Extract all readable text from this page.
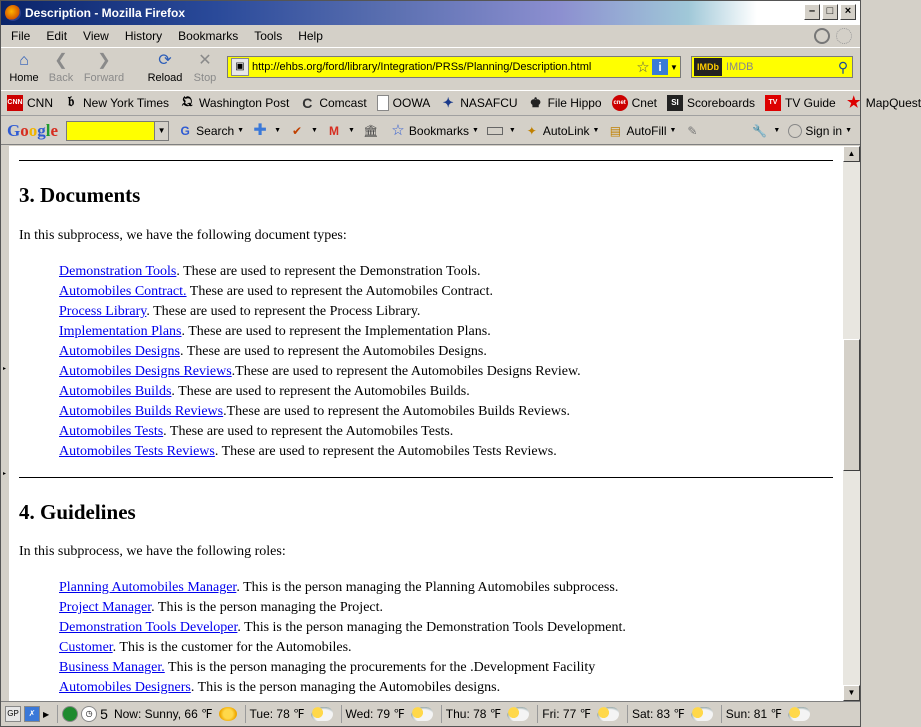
Description - Mozilla Firefox	–	□	×
File	Edit	View	History	Bookmarks	Tools	Help
⌂
Home
❮
Back
❯
Forward
⟳
Reload
✕
Stop
▣ http://ehbs.org/ford/library/Integration/PRSs/Planning/Description.html	☆ i	▼	IMDb IMDB	⚲
CNN CNN	𝔟 New York Times 𝔔 Washington Post C Comcast OOWA ✦ NASAFCU ♚ File Hippo	cnet Cnet	SI Scoreboards	TV TV Guide ★ MapQuest
Google	▼ G Search ▼ ✚ ▼ ✔	▼ M	▼ 🏛 ☆ Bookmarks ▼	▼ ✦ AutoLink ▼ ▤ AutoFill ▼ ✎	🔧 ▼ Sign in ▼
▸
▸
3. Documents

In this subprocess, we have the following document types:

Demonstration Tools. These are used to represent the Demonstration Tools.
Automobiles Contract. These are used to represent the Automobiles Contract.
Process Library. These are used to represent the Process Library.
Implementation Plans. These are used to represent the Implementation Plans.
Automobiles Designs. These are used to represent the Automobiles Designs.
Automobiles Designs Reviews.These are used to represent the Automobiles Designs Review.
Automobiles Builds. These are used to represent the Automobiles Builds.
Automobiles Builds Reviews.These are used to represent the Automobiles Builds Reviews.
Automobiles Tests. These are used to represent the Automobiles Tests.
Automobiles Tests Reviews. These are used to represent the Automobiles Tests Reviews.
4. Guidelines

In this subprocess, we have the following roles:

Planning Automobiles Manager. This is the person managing the Planning Automobiles subprocess.
Project Manager. This is the person managing the Project.
Demonstration Tools Developer. This is the person managing the Demonstration Tools Development.
Customer. This is the customer for the Automobiles.
Business Manager. This is the person managing the procurements for the .Development Facility
Automobiles Designers. This is the person managing the Automobiles designs.
▲
▼
GP	✗ ▶	◷ 5 Now: Sunny, 66 ℉	Tue: 78 ℉	Wed: 79 ℉	Thu: 78 ℉	Fri: 77 ℉	Sat: 83 ℉	Sun: 81 ℉
